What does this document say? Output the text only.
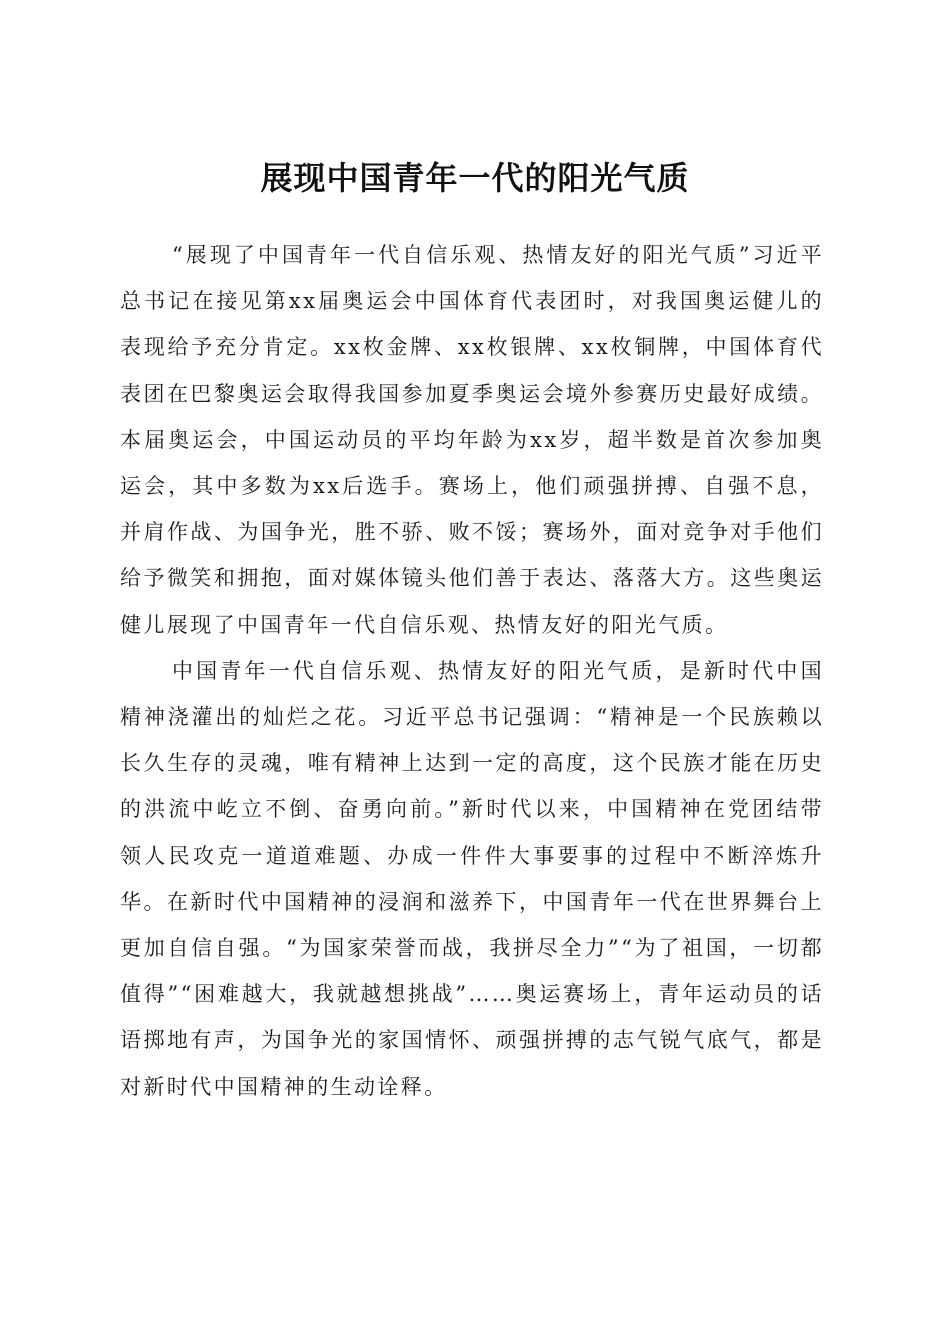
展现中国青年一代的阳光气质

“展现了中国青年一代自信乐观、热情友好的阳光气质”习近平总书记在接见第xx届奥运会中国体育代表团时，对我国奥运健儿的表现给予充分肯定。xx枚金牌、xx枚银牌、xx枚铜牌，中国体育代表团在巴黎奥运会取得我国参加夏季奥运会境外参赛历史最好成绩。本届奥运会，中国运动员的平均年龄为xx岁，超半数是首次参加奥运会，其中多数为xx后选手。赛场上，他们顽强拼搏、自强不息，并肩作战、为国争光，胜不骄、败不馁；赛场外，面对竞争对手他们给予微笑和拥抱，面对媒体镜头他们善于表达、落落大方。这些奥运健儿展现了中国青年一代自信乐观、热情友好的阳光气质。

中国青年一代自信乐观、热情友好的阳光气质，是新时代中国精神浇灌出的灿烂之花。习近平总书记强调：“精神是一个民族赖以长久生存的灵魂，唯有精神上达到一定的高度，这个民族才能在历史的洪流中屹立不倒、奋勇向前。”新时代以来，中国精神在党团结带领人民攻克一道道难题、办成一件件大事要事的过程中不断淬炼升华。在新时代中国精神的浸润和滋养下，中国青年一代在世界舞台上更加自信自强。“为国家荣誉而战，我拼尽全力”“为了祖国，一切都值得”“困难越大，我就越想挑战”……奥运赛场上，青年运动员的话语掷地有声，为国争光的家国情怀、顽强拼搏的志气锐气底气，都是对新时代中国精神的生动诠释。
